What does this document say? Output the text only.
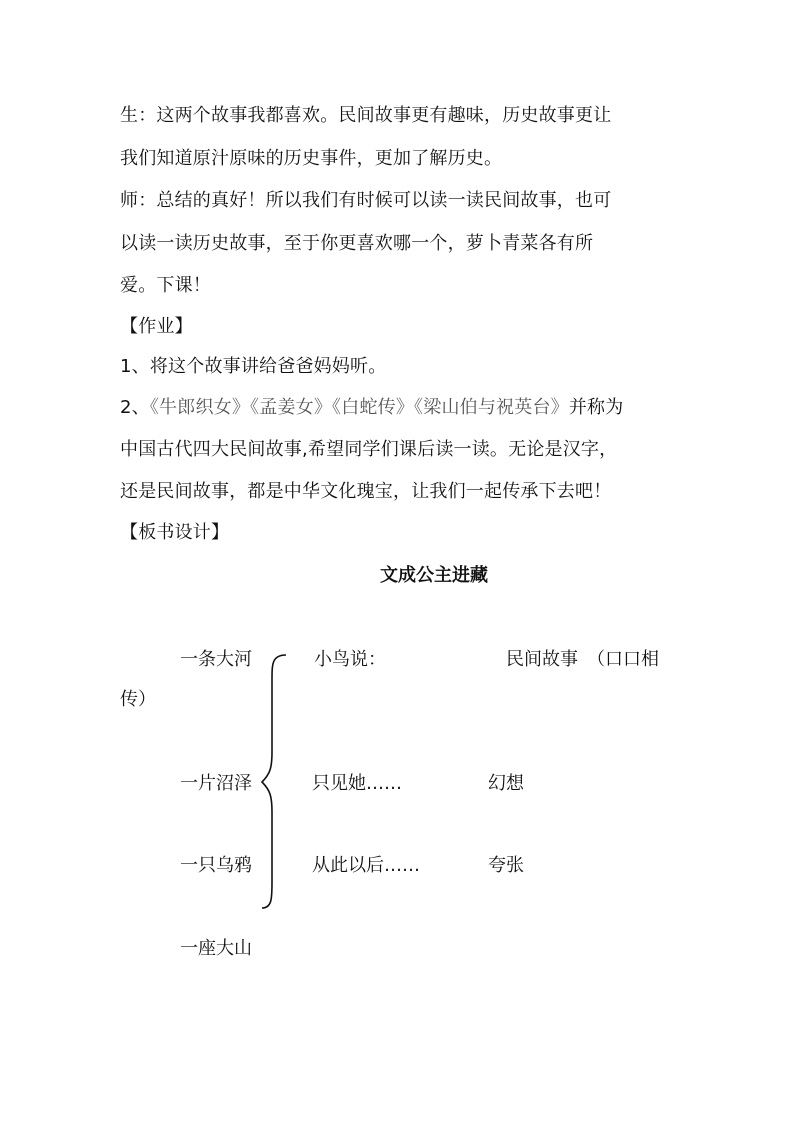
生：这两个故事我都喜欢。民间故事更有趣味，历史故事更让
我们知道原汁原味的历史事件，更加了解历史。
师：总结的真好！所以我们有时候可以读一读民间故事，也可
以读一读历史故事，至于你更喜欢哪一个，萝卜青菜各有所
爱。下课！
【作业】
1、将这个故事讲给爸爸妈妈听。
2、《牛郎织女》《孟姜女》《白蛇传》《梁山伯与祝英台》并称为
中国古代四大民间故事,希望同学们课后读一读。无论是汉字，
还是民间故事，都是中华文化瑰宝，让我们一起传承下去吧！
【板书设计】
文成公主进藏
一条大河
一片沼泽
一只乌鸦
一座大山
小鸟说：
只见她……
从此以后……
民间故事　（口口相
幻想
夸张
传）
